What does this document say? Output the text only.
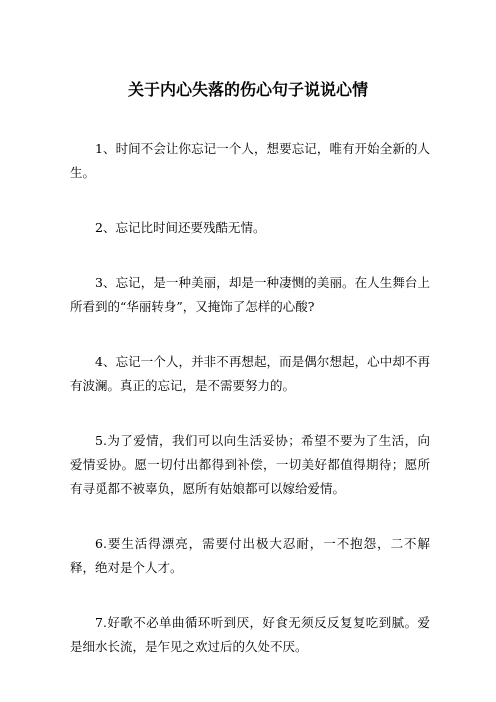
关于内心失落的伤心句子说说心情

1、时间不会让你忘记一个人，想要忘记，唯有开始全新的人生。

2、忘记比时间还要残酷无情。

3、忘记，是一种美丽，却是一种凄恻的美丽。在人生舞台上所看到的“华丽转身”，又掩饰了怎样的心酸?

4、忘记一个人，并非不再想起，而是偶尔想起，心中却不再有波澜。真正的忘记，是不需要努力的。

5.为了爱情，我们可以向生活妥协；希望不要为了生活，向爱情妥协。愿一切付出都得到补偿，一切美好都值得期待；愿所有寻觅都不被辜负，愿所有姑娘都可以嫁给爱情。

6.要生活得漂亮，需要付出极大忍耐，一不抱怨，二不解释，绝对是个人才。

7.好歌不必单曲循环听到厌，好食无须反反复复吃到腻。爱是细水长流，是乍见之欢过后的久处不厌。
